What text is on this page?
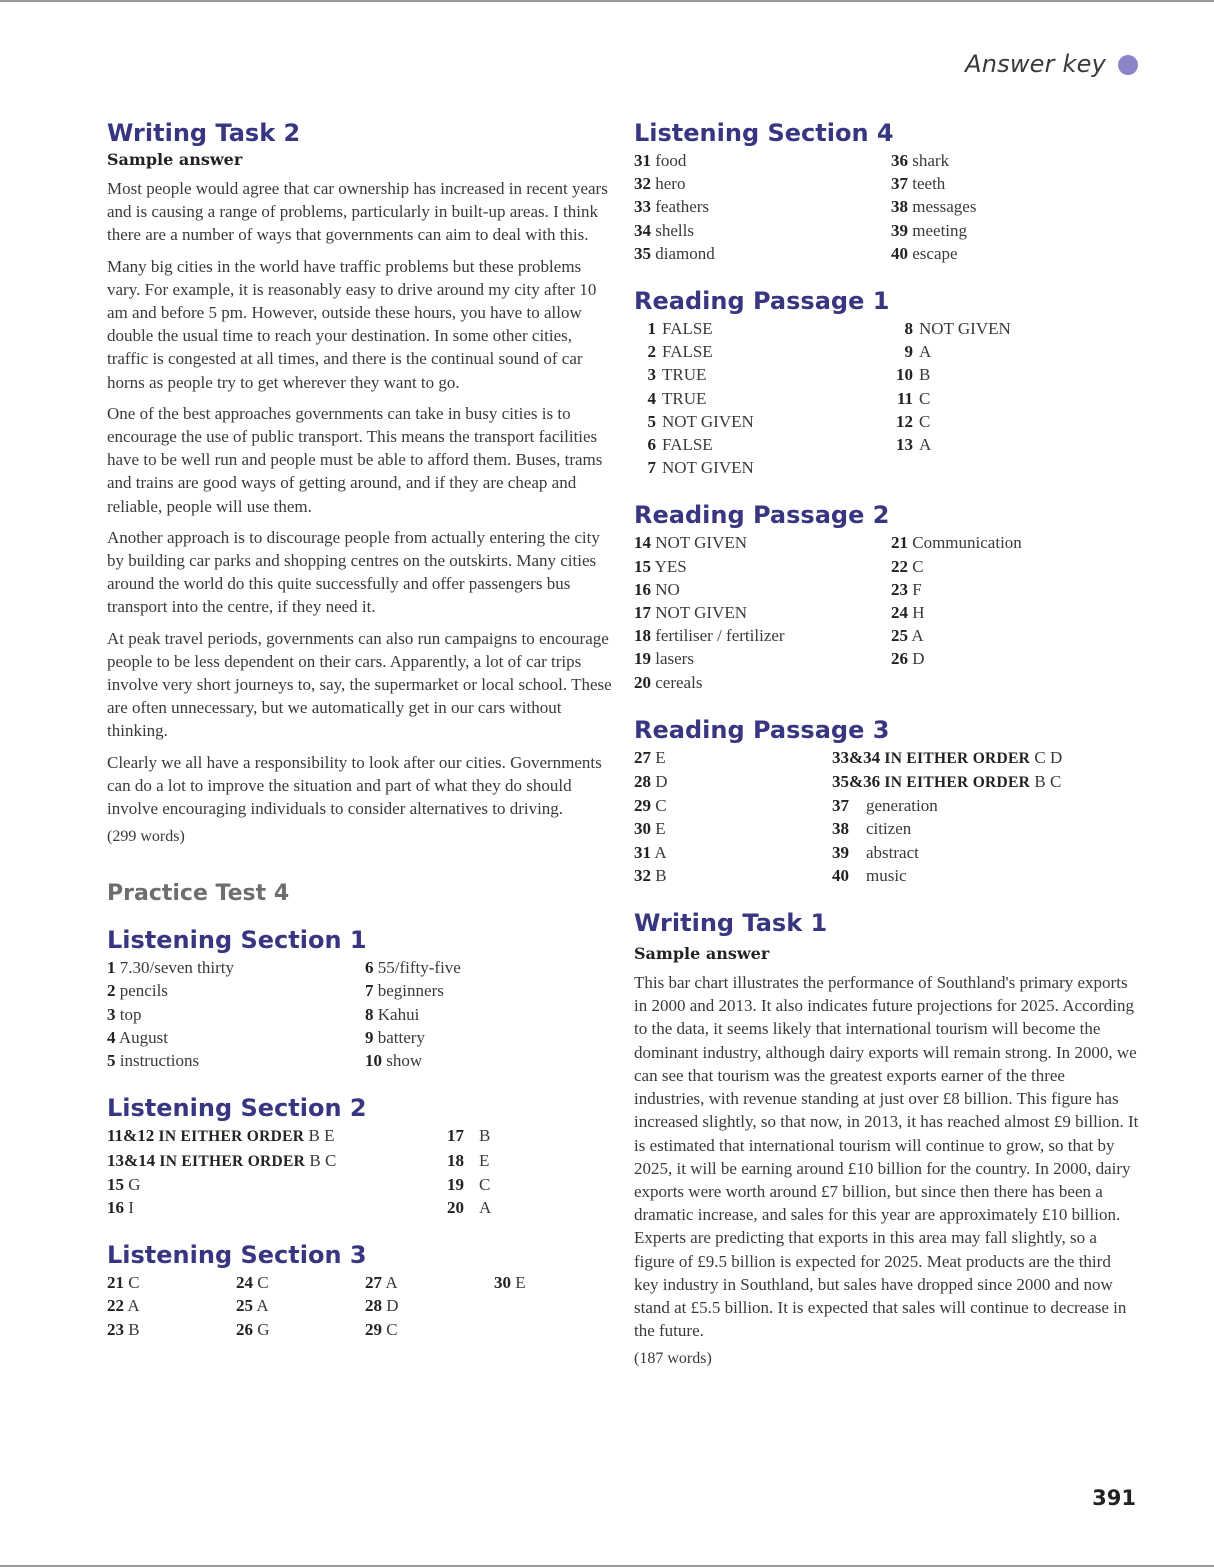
Answer key
Writing Task 2
Sample answer

Most people would agree that car ownership has increased in recent years and is causing a range of problems, particularly in built-up areas. I think there are a number of ways that governments can aim to deal with this.

Many big cities in the world have traffic problems but these problems vary. For example, it is reasonably easy to drive around my city after 10 am and before 5 pm. However, outside these hours, you have to allow double the usual time to reach your destination. In some other cities, traffic is congested at all times, and there is the continual sound of car horns as people try to get wherever they want to go.

One of the best approaches governments can take in busy cities is to encourage the use of public transport. This means the transport facilities have to be well run and people must be able to afford them. Buses, trams and trains are good ways of getting around, and if they are cheap and reliable, people will use them.

Another approach is to discourage people from actually entering the city by building car parks and shopping centres on the outskirts. Many cities around the world do this quite successfully and offer passengers bus transport into the centre, if they need it.

At peak travel periods, governments can also run campaigns to encourage people to be less dependent on their cars. Apparently, a lot of car trips involve very short journeys to, say, the supermarket or local school. These are often unnecessary, but we automatically get in our cars without thinking.

Clearly we all have a responsibility to look after our cities. Governments can do a lot to improve the situation and part of what they do should involve encouraging individuals to consider alternatives to driving.

(299 words)
Practice Test 4
Listening Section 1
1 7.30/seven thirty	6 55/fifty-five
2 pencils	7 beginners
3 top	8 Kahui
4 August	9 battery
5 instructions	10 show
Listening Section 2
11&12 IN EITHER ORDER B E	17 B
13&14 IN EITHER ORDER B C	18 E
15 G	19 C
16 I	20 A
Listening Section 3
21 C	24 C	27 A	30 E
22 A	25 A	28 D
23 B	26 G	29 C
Listening Section 4
31 food	36 shark
32 hero	37 teeth
33 feathers	38 messages
34 shells	39 meeting
35 diamond	40 escape
Reading Passage 1
1 FALSE	8 NOT GIVEN
2 FALSE	9 A
3 TRUE	10 B
4 TRUE	11 C
5 NOT GIVEN	12 C
6 FALSE	13 A
7 NOT GIVEN
Reading Passage 2
14 NOT GIVEN	21 Communication
15 YES	22 C
16 NO	23 F
17 NOT GIVEN	24 H
18 fertiliser / fertilizer	25 A
19 lasers	26 D
20 cereals
Reading Passage 3
27 E	33&34 IN EITHER ORDER C D
28 D	35&36 IN EITHER ORDER B C
29 C	37 generation
30 E	38 citizen
31 A	39 abstract
32 B	40 music
Writing Task 1
Sample answer

This bar chart illustrates the performance of Southland's primary exports in 2000 and 2013. It also indicates future projections for 2025. According to the data, it seems likely that international tourism will become the dominant industry, although dairy exports will remain strong. In 2000, we can see that tourism was the greatest exports earner of the three industries, with revenue standing at just over £8 billion. This figure has increased slightly, so that now, in 2013, it has reached almost £9 billion. It is estimated that international tourism will continue to grow, so that by 2025, it will be earning around £10 billion for the country. In 2000, dairy exports were worth around £7 billion, but since then there has been a dramatic increase, and sales for this year are approximately £10 billion. Experts are predicting that exports in this area may fall slightly, so a figure of £9.5 billion is expected for 2025. Meat products are the third key industry in Southland, but sales have dropped since 2000 and now stand at £5.5 billion. It is expected that sales will continue to decrease in the future.

(187 words)
391
